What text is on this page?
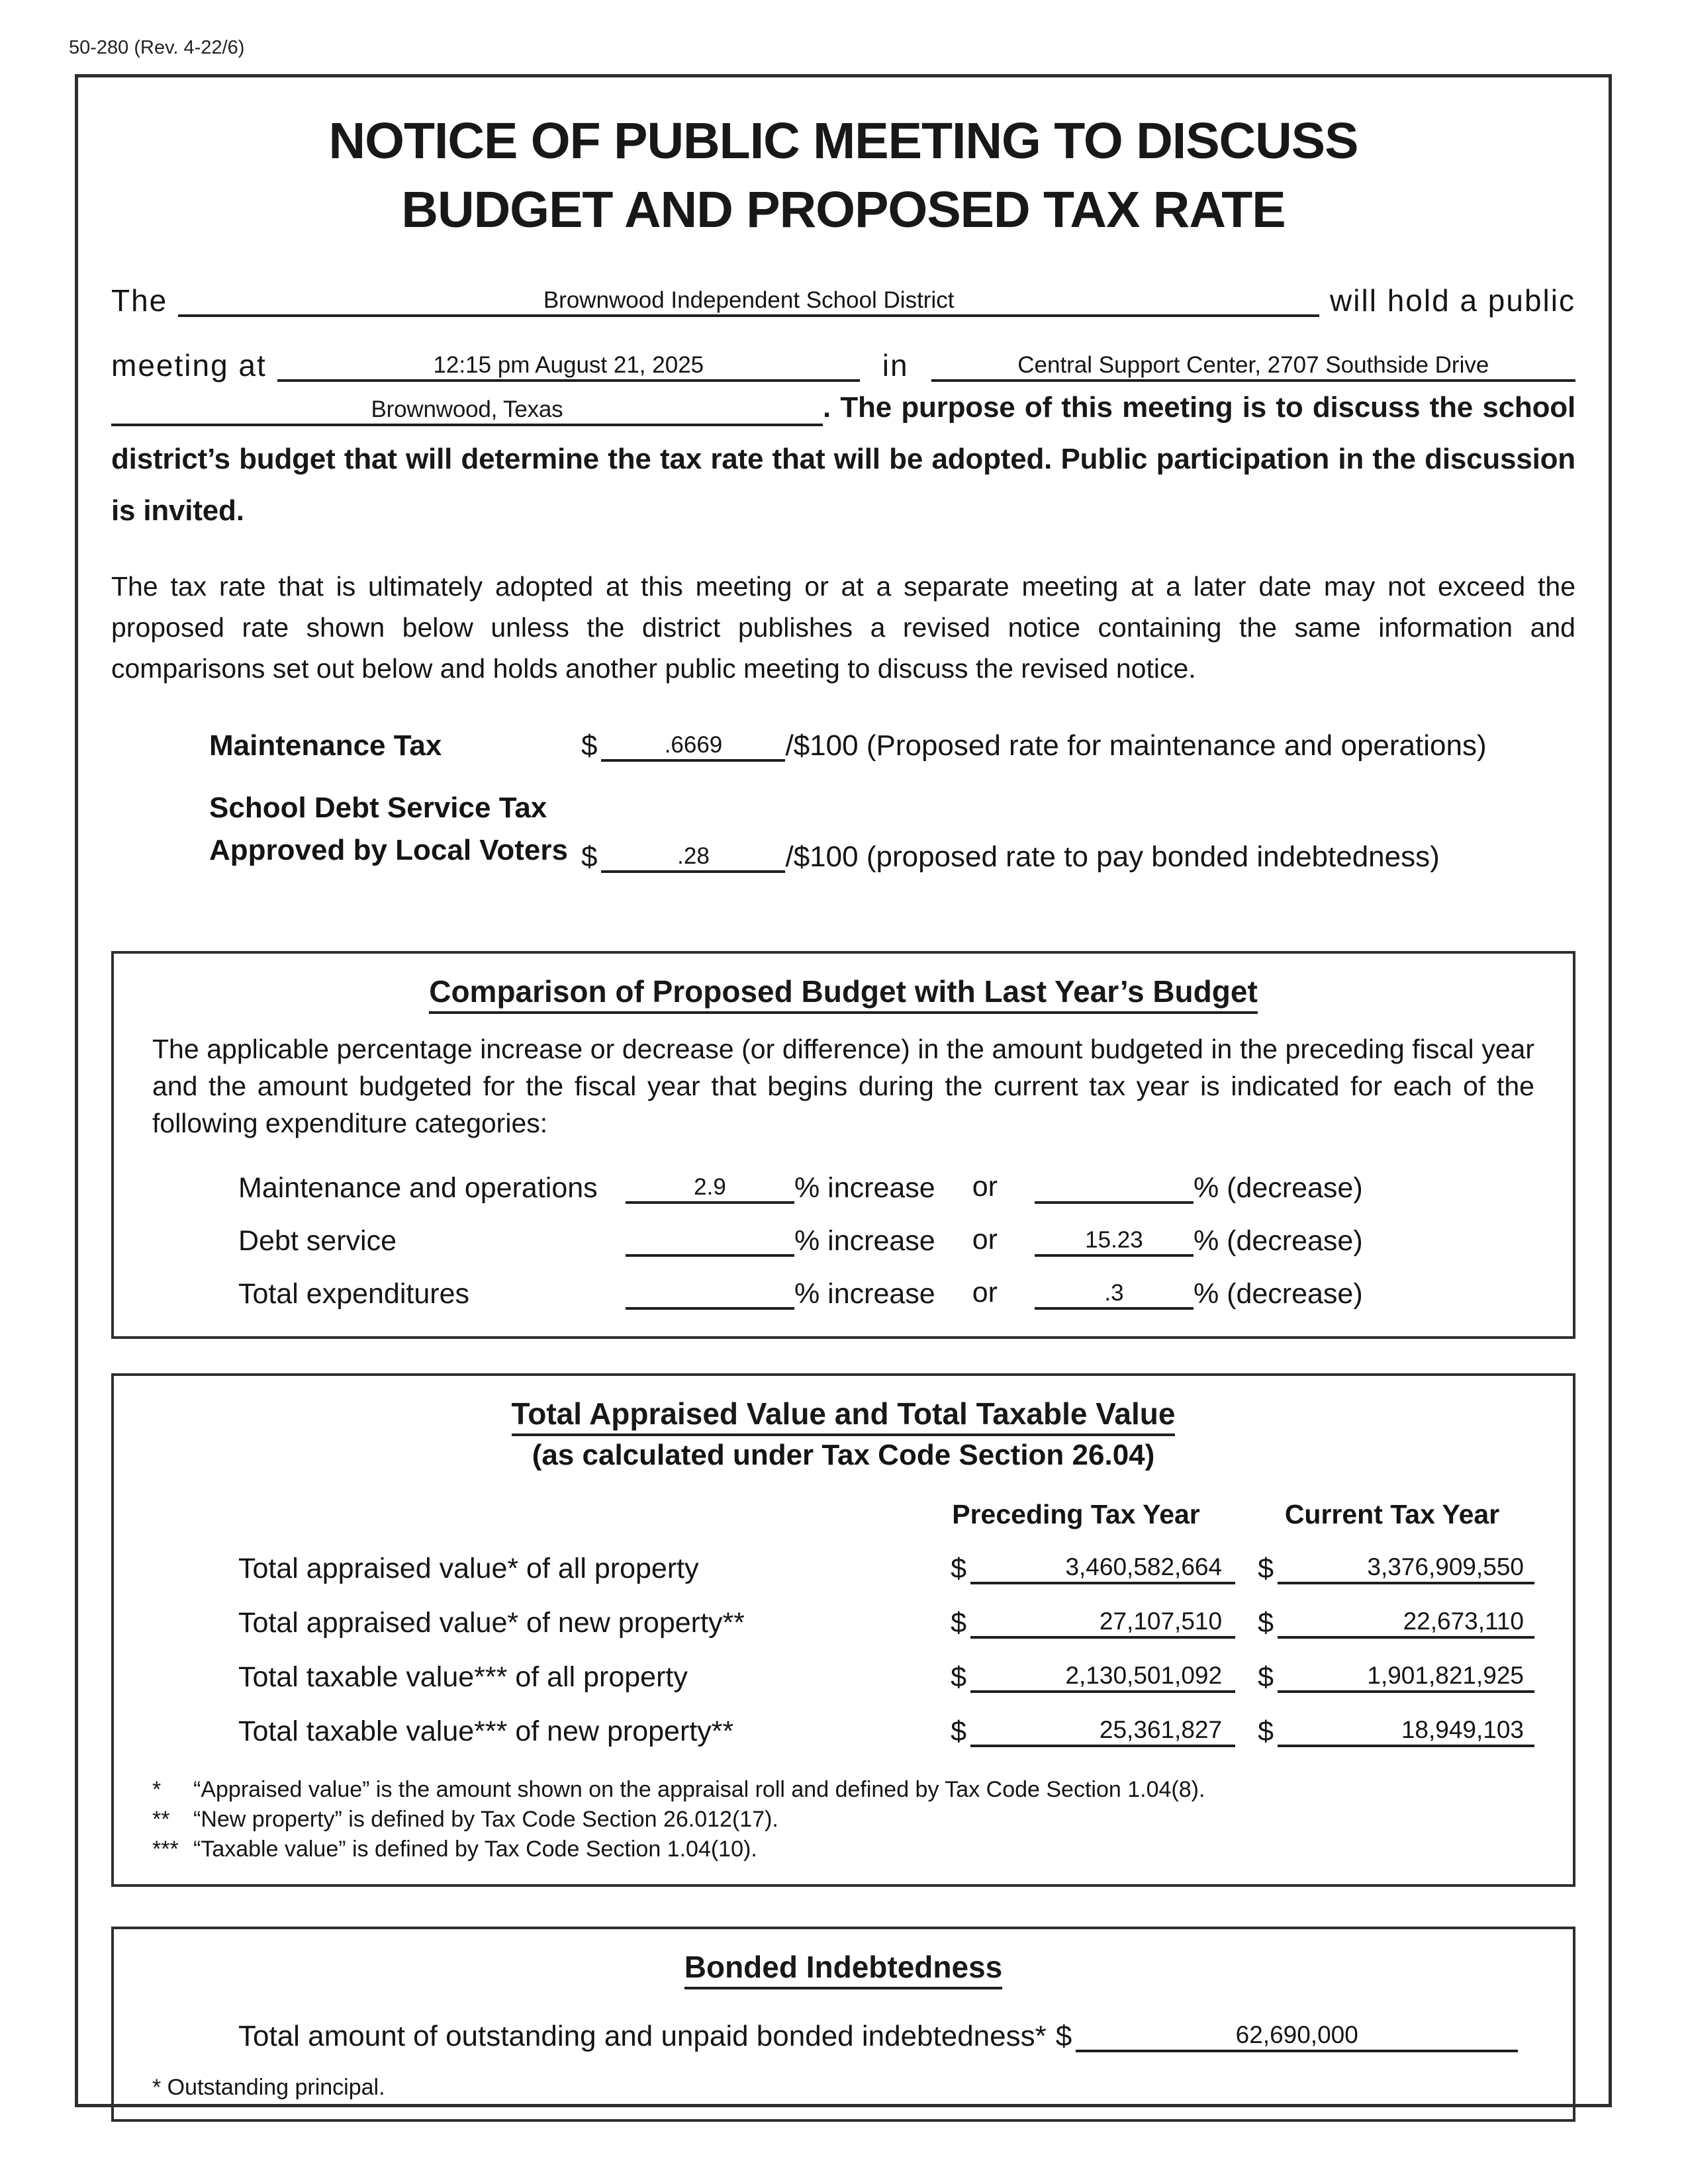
50-280 (Rev. 4-22/6)
NOTICE OF PUBLIC MEETING TO DISCUSS
BUDGET AND PROPOSED TAX RATE
The	Brownwood Independent School District	will hold a public
meeting at	12:15 pm August 21, 2025	in	Central Support Center, 2707 Southside Drive

Brownwood, Texas	. The purpose of this meeting is to discuss the school district’s budget that will determine the tax rate that will be adopted. Public participation in the discussion is invited.

The tax rate that is ultimately adopted at this meeting or at a separate meeting at a later date may not exceed the proposed rate shown below unless the district publishes a revised notice containing the same information and comparisons set out below and holds another public meeting to discuss the revised notice.

Maintenance Tax	$	.6669 /$100 (Proposed rate for maintenance and operations)
School Debt Service Tax
Approved by Local Voters $	.28	/$100 (proposed rate to pay bonded indebtedness)
Comparison of Proposed Budget with Last Year’s Budget

The applicable percentage increase or decrease (or difference) in the amount budgeted in the preceding fiscal year and the amount budgeted for the fiscal year that begins during the current tax year is indicated for each of the following expenditure categories:

Maintenance and operations	2.9 % increase or	% (decrease)
Debt service	% increase or	15.23 % (decrease)
Total expenditures	% increase or	.3 % (decrease)
Total Appraised Value and Total Taxable Value
(as calculated under Tax Code Section 26.04)
Preceding Tax Year	Current Tax Year
Total appraised value* of all property	$	3,460,582,664 $	3,376,909,550
Total appraised value* of new property**	$	27,107,510 $	22,673,110
Total taxable value*** of all property	$	2,130,501,092 $	1,901,821,925
Total taxable value*** of new property**	$	25,361,827 $	18,949,103
*	“Appraised value” is the amount shown on the appraisal roll and defined by Tax Code Section 1.04(8).
**	“New property” is defined by Tax Code Section 26.012(17).
*** “Taxable value” is defined by Tax Code Section 1.04(10).
Bonded Indebtedness
Total amount of outstanding and unpaid bonded indebtedness* $	62,690,000
* Outstanding principal.
